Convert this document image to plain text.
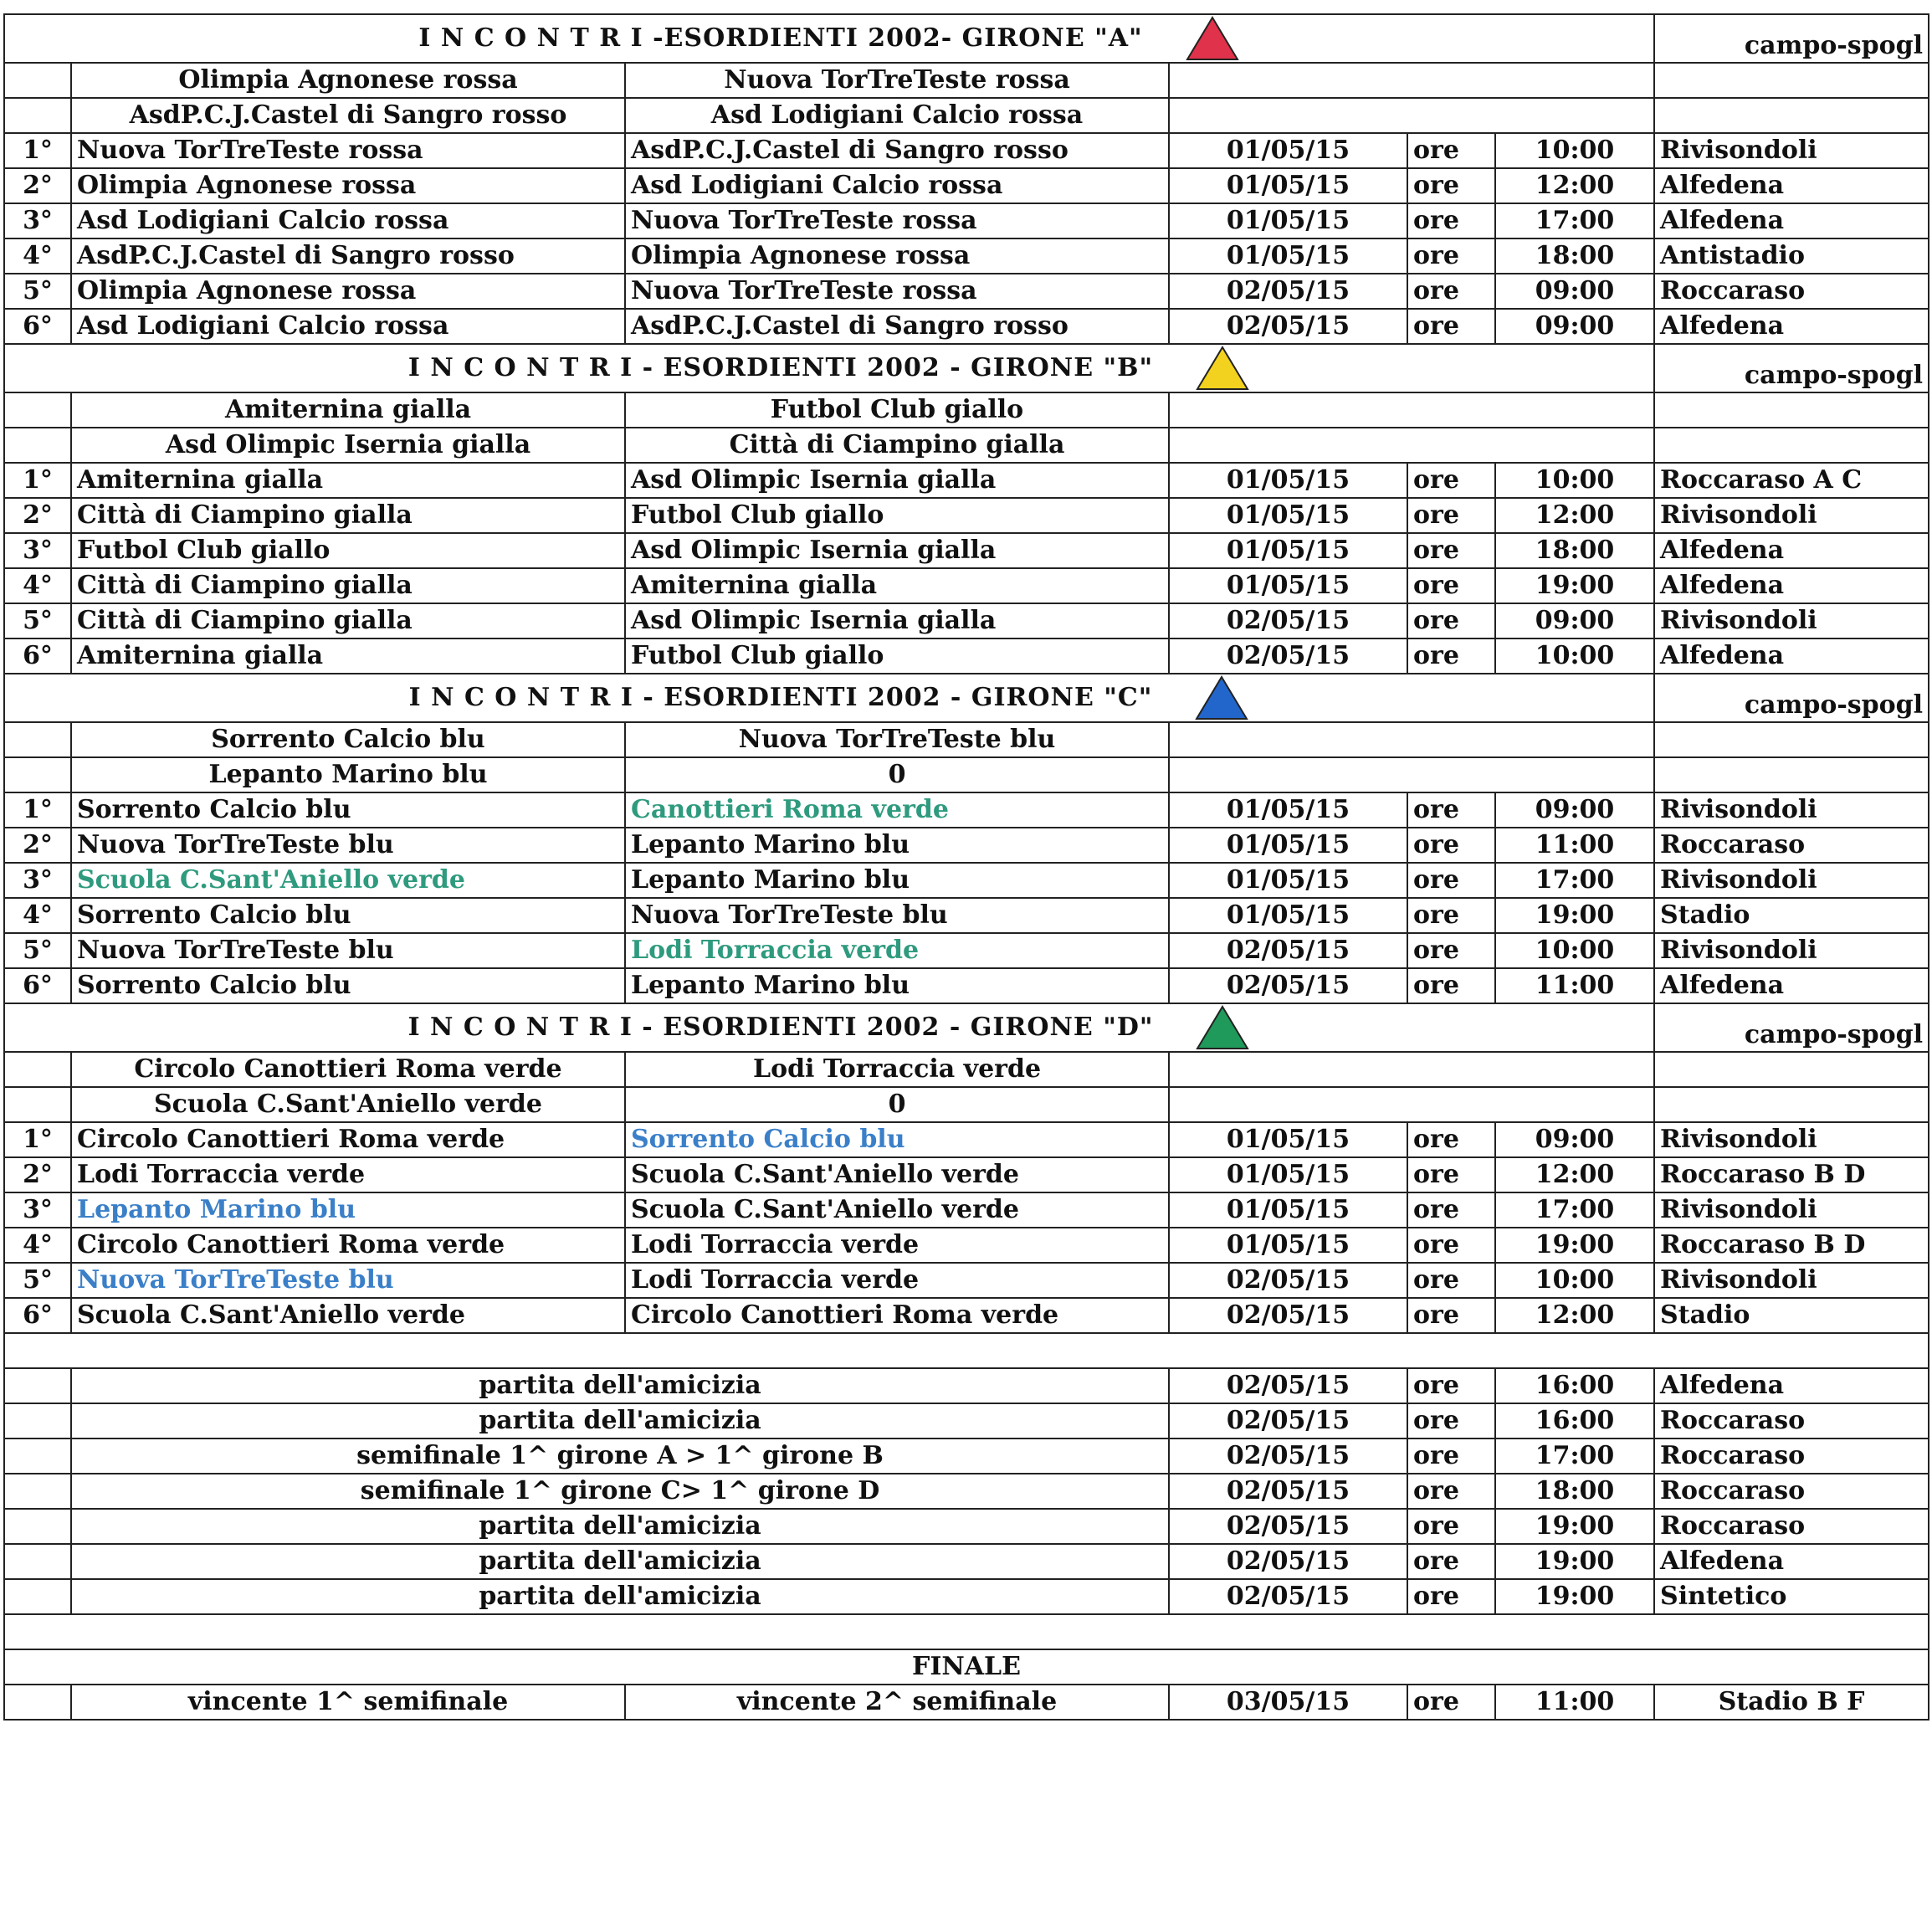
I N C O N T R I -ESORDIENTI 2002- GIRONE "A"						campo-spogl
	Olimpia Agnonese rossa	Nuova TorTreTeste rossa				
	AsdP.C.J.Castel di Sangro rosso	Asd Lodigiani Calcio rossa				
1°	Nuova TorTreTeste rossa	AsdP.C.J.Castel di Sangro rosso	01/05/15	ore	10:00	Rivisondoli
2°	Olimpia Agnonese rossa	Asd Lodigiani Calcio rossa	01/05/15	ore	12:00	Alfedena
3°	Asd Lodigiani Calcio rossa	Nuova TorTreTeste rossa	01/05/15	ore	17:00	Alfedena
4°	AsdP.C.J.Castel di Sangro rosso	Olimpia Agnonese rossa	01/05/15	ore	18:00	Antistadio
5°	Olimpia Agnonese rossa	Nuova TorTreTeste rossa	02/05/15	ore	09:00	Roccaraso
6°	Asd Lodigiani Calcio rossa	AsdP.C.J.Castel di Sangro rosso	02/05/15	ore	09:00	Alfedena
I N C O N T R I - ESORDIENTI 2002 - GIRONE "B"						campo-spogl
	Amiternina gialla	Futbol Club giallo				
	Asd Olimpic Isernia gialla	Città di Ciampino gialla				
1°	Amiternina gialla	Asd Olimpic Isernia gialla	01/05/15	ore	10:00	Roccaraso A C
2°	Città di Ciampino gialla	Futbol Club giallo	01/05/15	ore	12:00	Rivisondoli
3°	Futbol Club giallo	Asd Olimpic Isernia gialla	01/05/15	ore	18:00	Alfedena
4°	Città di Ciampino gialla	Amiternina gialla	01/05/15	ore	19:00	Alfedena
5°	Città di Ciampino gialla	Asd Olimpic Isernia gialla	02/05/15	ore	09:00	Rivisondoli
6°	Amiternina gialla	Futbol Club giallo	02/05/15	ore	10:00	Alfedena
I N C O N T R I - ESORDIENTI 2002 - GIRONE "C"						campo-spogl
	Sorrento Calcio blu	Nuova TorTreTeste blu				
	Lepanto Marino blu	0				
1°	Sorrento Calcio blu	Canottieri Roma verde	01/05/15	ore	09:00	Rivisondoli
2°	Nuova TorTreTeste blu	Lepanto Marino blu	01/05/15	ore	11:00	Roccaraso
3°	Scuola C.Sant'Aniello verde	Lepanto Marino blu	01/05/15	ore	17:00	Rivisondoli
4°	Sorrento Calcio blu	Nuova TorTreTeste blu	01/05/15	ore	19:00	Stadio
5°	Nuova TorTreTeste blu	Lodi Torraccia verde	02/05/15	ore	10:00	Rivisondoli
6°	Sorrento Calcio blu	Lepanto Marino blu	02/05/15	ore	11:00	Alfedena
I N C O N T R I - ESORDIENTI 2002 - GIRONE "D"						campo-spogl
	Circolo Canottieri Roma verde	Lodi Torraccia verde				
	Scuola C.Sant'Aniello verde	0				
1°	Circolo Canottieri Roma verde	Sorrento Calcio blu	01/05/15	ore	09:00	Rivisondoli
2°	Lodi Torraccia verde	Scuola C.Sant'Aniello verde	01/05/15	ore	12:00	Roccaraso B D
3°	Lepanto Marino blu	Scuola C.Sant'Aniello verde	01/05/15	ore	17:00	Rivisondoli
4°	Circolo Canottieri Roma verde	Lodi Torraccia verde	01/05/15	ore	19:00	Roccaraso B D
5°	Nuova TorTreTeste blu	Lodi Torraccia verde	02/05/15	ore	10:00	Rivisondoli
6°	Scuola C.Sant'Aniello verde	Circolo Canottieri Roma verde	02/05/15	ore	12:00	Stadio

	partita dell'amicizia		02/05/15	ore	16:00	Alfedena
	partita dell'amicizia		02/05/15	ore	16:00	Roccaraso
	semifinale 1^ girone A > 1^ girone B		02/05/15	ore	17:00	Roccaraso
	semifinale 1^ girone C> 1^ girone D		02/05/15	ore	18:00	Roccaraso
	partita dell'amicizia		02/05/15	ore	19:00	Roccaraso
	partita dell'amicizia		02/05/15	ore	19:00	Alfedena
	partita dell'amicizia		02/05/15	ore	19:00	Sintetico

FINALE						
	vincente 1^ semifinale	vincente 2^ semifinale	03/05/15	ore	11:00	Stadio B F
